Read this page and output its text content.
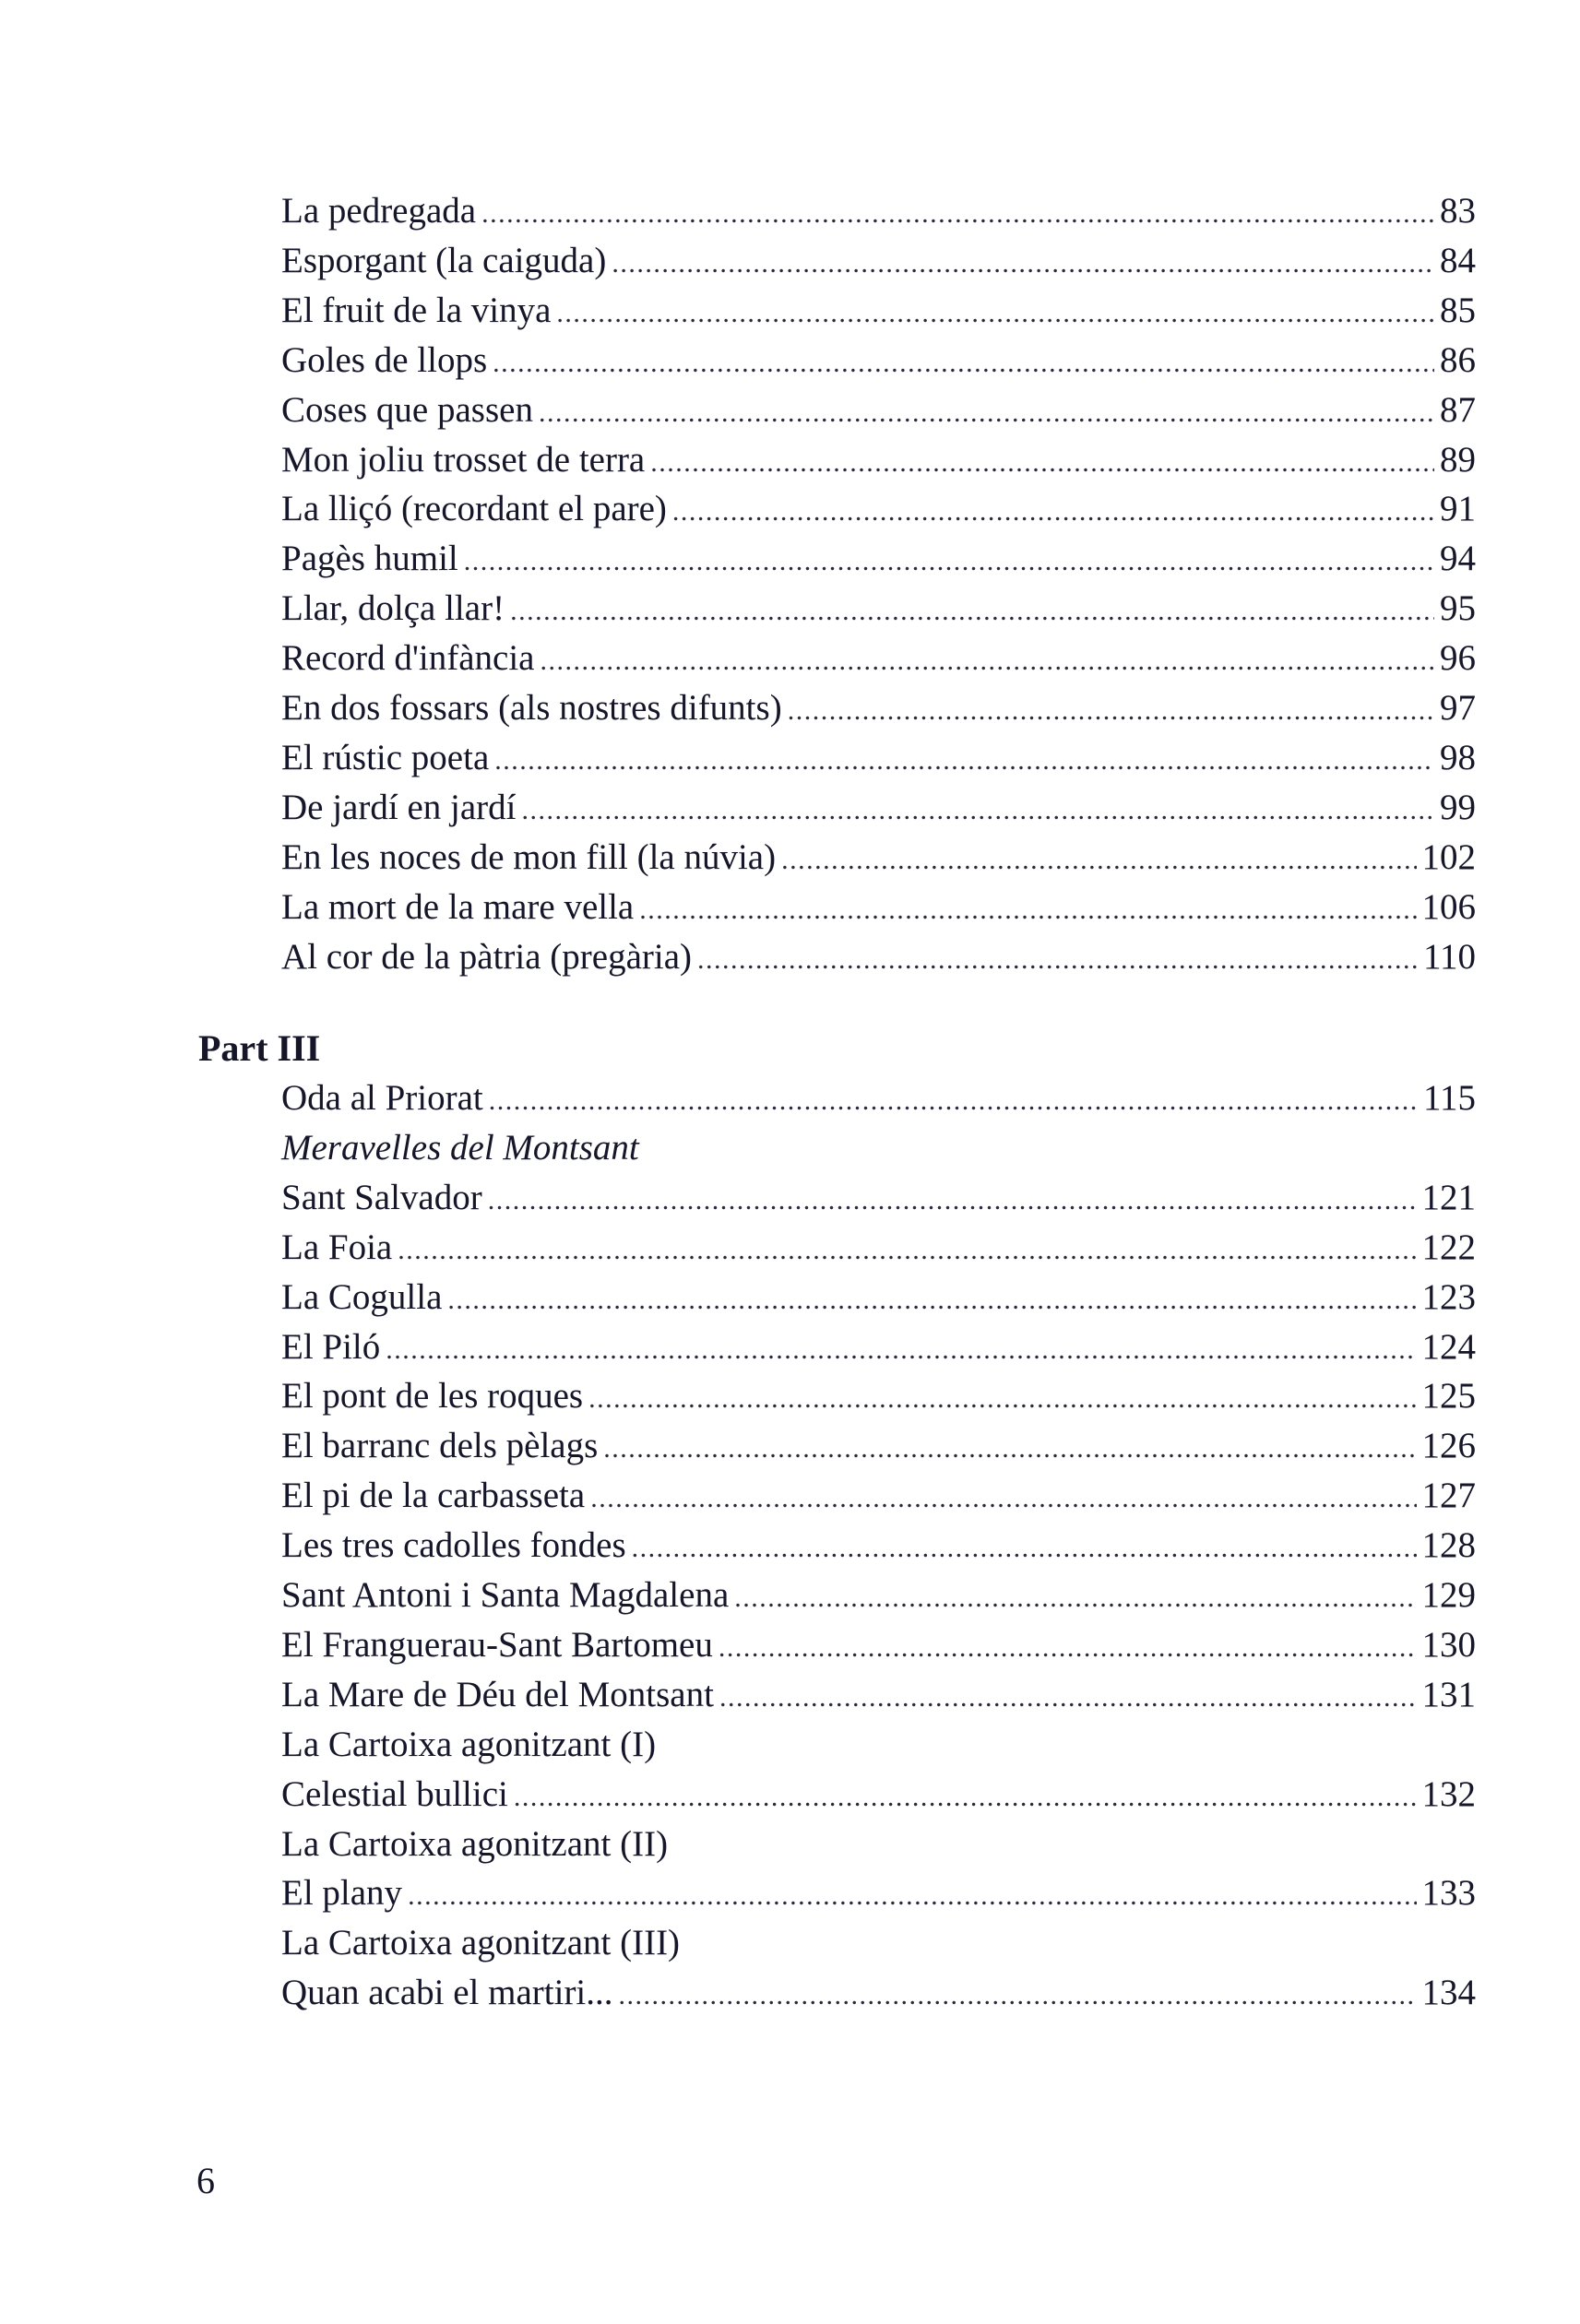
La pedregada . . .	83
Esporgant (la caiguda) . . .	84
El fruit de la vinya . . .	85
Goles de llops . . .	86
Coses que passen . . .	87
Mon joliu trosset de terra . . .	89
La lliçó (recordant el pare) . . .	91
Pagès humil . . .	94
Llar, dolça llar! . . .	95
Record d'infància . . .	96
En dos fossars (als nostres difunts) . . .	97
El rústic poeta . . .	98
De jardí en jardí . . .	99
En les noces de mon fill (la núvia) . . .	102
La mort de la mare vella . . .	106
Al cor de la pàtria (pregària) . . .	110
Part III
Oda al Priorat . . .	115
Meravelles del Montsant
Sant Salvador . . .	121
La Foia . . .	122
La Cogulla . . .	123
El Piló . . .	124
El pont de les roques . . .	125
El barranc dels pèlags . . .	126
El pi de la carbasseta . . .	127
Les tres cadolles fondes . . .	128
Sant Antoni i Santa Magdalena . . .	129
El Franguerau-Sant Bartomeu . . .	130
La Mare de Déu del Montsant . . .	131
La Cartoixa agonitzant (I)
Celestial bullici . . .	132
La Cartoixa agonitzant (II)
El plany . . .	133
La Cartoixa agonitzant (III)
Quan acabi el martiri... . . .	134
6
